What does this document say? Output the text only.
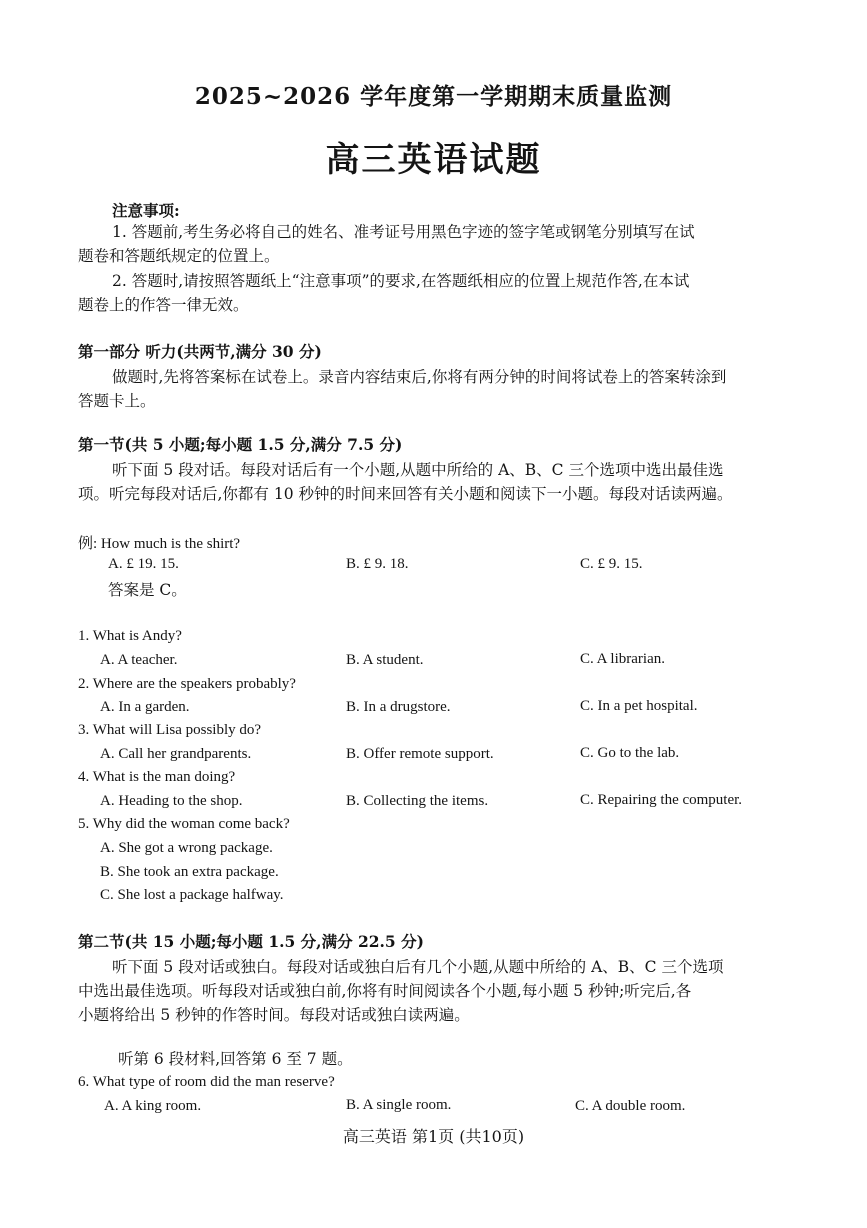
2025~2026 学年度第一学期期末质量监测
高三英语试题
注意事项:
1. 答题前,考生务必将自己的姓名、准考证号用黑色字迹的签字笔或钢笔分别填写在试
题卷和答题纸规定的位置上。
2. 答题时,请按照答题纸上“注意事项”的要求,在答题纸相应的位置上规范作答,在本试
题卷上的作答一律无效。
第一部分 听力(共两节,满分 30 分)
做题时,先将答案标在试卷上。录音内容结束后,你将有两分钟的时间将试卷上的答案转涂到
答题卡上。
第一节(共 5 小题;每小题 1.5 分,满分 7.5 分)
听下面 5 段对话。每段对话后有一个小题,从题中所给的 A、B、C 三个选项中选出最佳选
项。听完每段对话后,你都有 10 秒钟的时间来回答有关小题和阅读下一小题。每段对话读两遍。
例: How much is the shirt?
A. £ 19. 15.	B. £ 9. 18.	C. £ 9. 15.
答案是 C。
1. What is Andy?
A. A teacher.	B. A student.	C. A librarian.
2. Where are the speakers probably?
A. In a garden.	B. In a drugstore.	C. In a pet hospital.
3. What will Lisa possibly do?
A. Call her grandparents.	B. Offer remote support.	C. Go to the lab.
4. What is the man doing?
A. Heading to the shop.	B. Collecting the items.	C. Repairing the computer.
5. Why did the woman come back?
A. She got a wrong package.
B. She took an extra package.
C. She lost a package halfway.
第二节(共 15 小题;每小题 1.5 分,满分 22.5 分)
听下面 5 段对话或独白。每段对话或独白后有几个小题,从题中所给的 A、B、C 三个选项
中选出最佳选项。听每段对话或独白前,你将有时间阅读各个小题,每小题 5 秒钟;听完后,各
小题将给出 5 秒钟的作答时间。每段对话或独白读两遍。
听第 6 段材料,回答第 6 至 7 题。
6. What type of room did the man reserve?
A. A king room.	B. A single room.	C. A double room.
高三英语 第1页 (共10页)
